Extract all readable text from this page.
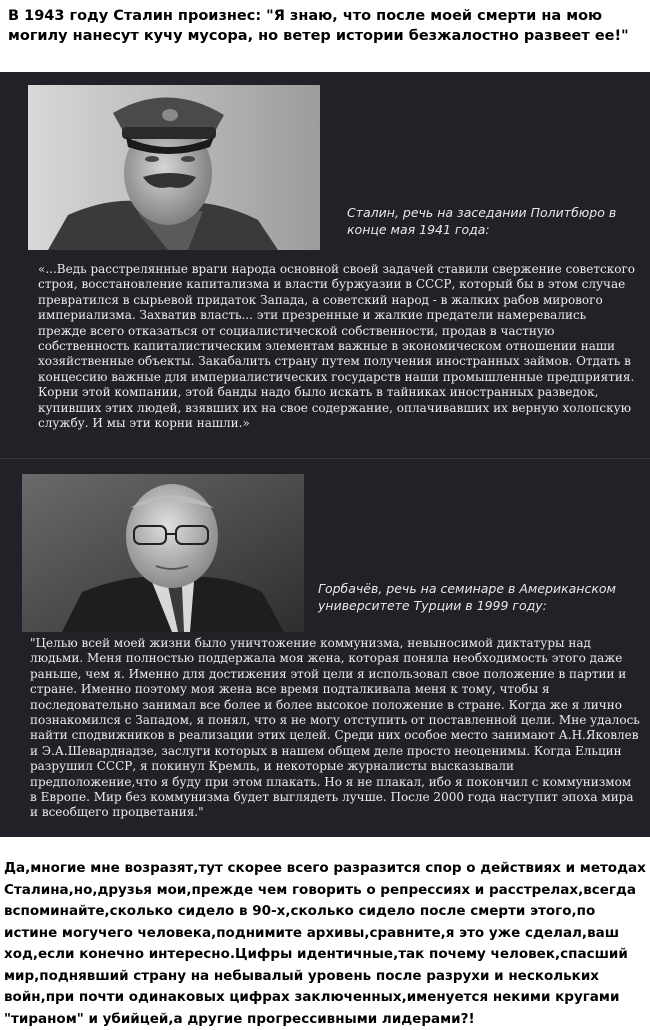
В 1943 году Сталин произнес: "Я знаю, что после моей смерти на мою могилу нанесут кучу мусора, но ветер истории безжалостно развеет ее!"
Сталин, речь на заседании Политбюро в конце мая 1941 года:
«...Ведь расстрелянные враги народа основной своей задачей ставили свержение советского строя, восстановление капитализма и власти буржуазии в СССР, который бы в этом случае превратился в сырьевой придаток Запада, а советский народ - в жалких рабов мирового империализма. Захватив власть... эти презренные и жалкие предатели намеревались прежде всего отказаться от социалистической собственности, продав в частную собственность капиталистическим элементам важные в экономическом отношении наши хозяйственные объекты. Закабалить страну путем получения иностранных займов. Отдать в концессию важные для империалистических государств наши промышленные предприятия. Корни этой компании, этой банды надо было искать в тайниках иностранных разведок, купивших этих людей, взявших их на свое содержание, оплачивавших их верную холопскую службу. И мы эти корни нашли.»
Горбачёв, речь на семинаре в Американском университете Турции в 1999 году:
"Целью всей моей жизни было уничтожение коммунизма, невыносимой диктатуры над людьми. Меня полностью поддержала моя жена, которая поняла необходимость этого даже раньше, чем я. Именно для достижения этой цели я использовал свое положение в партии и стране. Именно поэтому моя жена все время подталкивала меня к тому, чтобы я последовательно занимал все более и более высокое положение в стране. Когда же я лично познакомился с Западом, я понял, что я не могу отступить от поставленной цели. Мне удалось найти сподвижников в реализации этих целей. Среди них особое место занимают А.Н.Яковлев и Э.А.Шеварднадзе, заслуги которых в нашем общем деле просто неоценимы. Когда Ельцин разрушил СССР, я покинул Кремль, и некоторые журналисты высказывали предположение,что я буду при этом плакать. Но я не плакал, ибо я покончил с коммунизмом в Европе. Мир без коммунизма будет выглядеть лучше. После 2000 года наступит эпоха мира и всеобщего процветания."
Да,многие мне возразят,тут скорее всего разразится спор о действиях и методах Сталина,но,друзья мои,прежде чем говорить о репрессиях и расстрелах,всегда вспоминайте,сколько сидело в 90-х,сколько сидело после смерти этого,по истине могучего человека,поднимите архивы,сравните,я это уже сделал,ваш ход,если конечно интересно.Цифры идентичные,так почему человек,спасший мир,поднявший страну на небывалый уровень после разрухи и нескольких войн,при почти одинаковых цифрах заключенных,именуется некими кругами "тираном" и убийцей,а другие прогрессивными лидерами?!
